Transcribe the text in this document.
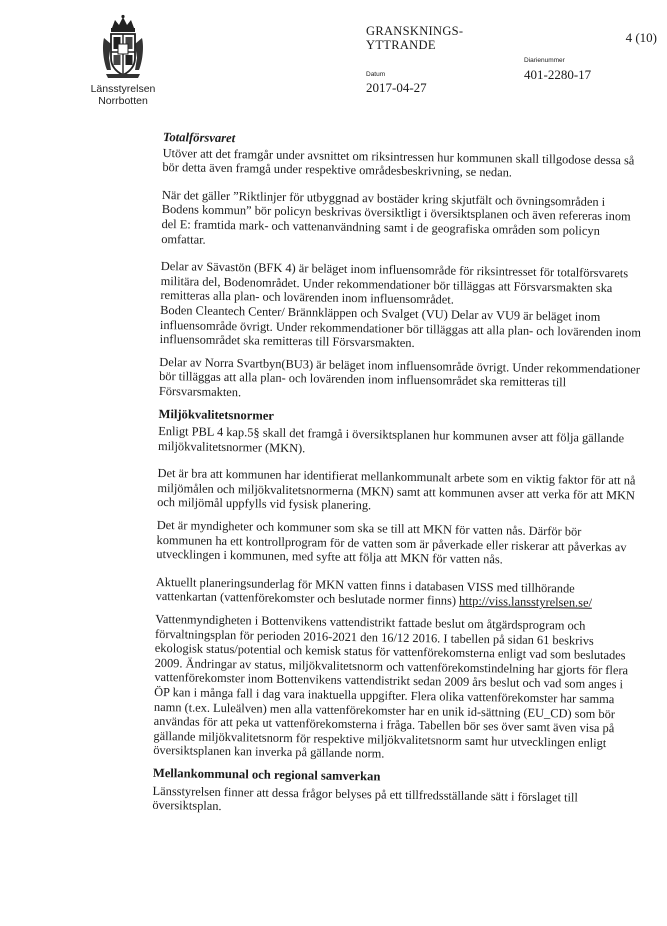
Länsstyrelsen
Norrbotten
GRANSKNINGS-
YTTRANDE	4 (10)
Diarienummer
401-2280-17
Datum
2017-04-27
Totalförsvaret

Utöver att det framgår under avsnittet om riksintressen hur kommunen skall tillgodose dessa så bör detta även framgå under respektive områdesbeskrivning, se nedan.

När det gäller ”Riktlinjer för utbyggnad av bostäder kring skjutfält och övningsområden i Bodens kommun” bör policyn beskrivas översiktligt i översiktsplanen och även refereras inom del E: framtida mark- och vattenanvändning samt i de geografiska områden som policyn omfattar.

Delar av Sävastön (BFK 4) är beläget inom influensområde för riksintresset för totalförsvarets militära del, Bodenområdet. Under rekommendationer bör tilläggas att Försvarsmakten ska remitteras alla plan- och lovärenden inom influensområdet.
Boden Cleantech Center/ Brännkläppen och Svalget (VU) Delar av VU9 är beläget inom influensområde övrigt. Under rekommendationer bör tilläggas att alla plan- och lovärenden inom influensområdet ska remitteras till Försvarsmakten.

Delar av Norra Svartbyn(BU3) är beläget inom influensområde övrigt. Under rekommendationer bör tilläggas att alla plan- och lovärenden inom influensområdet ska remitteras till Försvarsmakten.

Miljökvalitetsnormer

Enligt PBL 4 kap.5§ skall det framgå i översiktsplanen hur kommunen avser att följa gällande miljökvalitetsnormer (MKN).

Det är bra att kommunen har identifierat mellankommunalt arbete som en viktig faktor för att nå miljömålen och miljökvalitetsnormerna (MKN) samt att kommunen avser att verka för att MKN och miljömål uppfylls vid fysisk planering.

Det är myndigheter och kommuner som ska se till att MKN för vatten nås. Därför bör kommunen ha ett kontrollprogram för de vatten som är påverkade eller riskerar att påverkas av utvecklingen i kommunen, med syfte att följa att MKN för vatten nås.

Aktuellt planeringsunderlag för MKN vatten finns i databasen VISS med tillhörande vattenkartan (vattenförekomster och beslutade normer finns) http://viss.lansstyrelsen.se/

Vattenmyndigheten i Bottenvikens vattendistrikt fattade beslut om åtgärdsprogram och förvaltningsplan för perioden 2016-2021 den 16/12 2016. I tabellen på sidan 61 beskrivs ekologisk status/potential och kemisk status för vattenförekomsterna enligt vad som beslutades 2009. Ändringar av status, miljökvalitetsnorm och vattenförekomstindelning har gjorts för flera vattenförekomster inom Bottenvikens vattendistrikt sedan 2009 års beslut och vad som anges i ÖP kan i många fall i dag vara inaktuella uppgifter. Flera olika vattenförekomster har samma namn (t.ex. Luleälven) men alla vattenförekomster har en unik id-sättning (EU_CD) som bör användas för att peka ut vattenförekomsterna i fråga. Tabellen bör ses över samt även visa på gällande miljökvalitetsnorm för respektive miljökvalitetsnorm samt hur utvecklingen enligt översiktsplanen kan inverka på gällande norm.

Mellankommunal och regional samverkan

Länsstyrelsen finner att dessa frågor belyses på ett tillfredsställande sätt i förslaget till översiktsplan.
